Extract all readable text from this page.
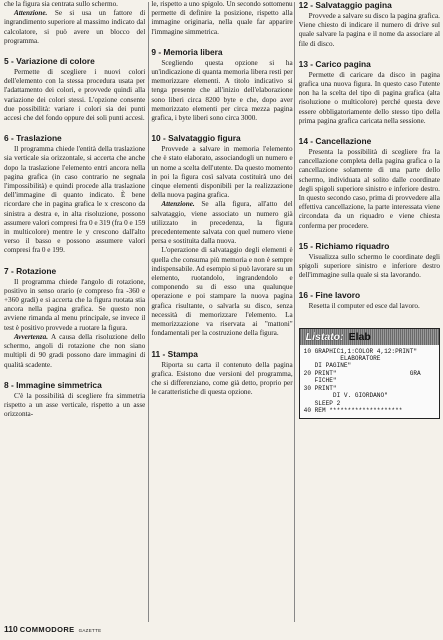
che la figura sia centrata sullo schermo.

Attenzione. Se si usa un fattore di ingrandimento superiore al massimo indicato dal calcolatore, si può avere un blocco del programma.

5 - Variazione di colore

Permette di scegliere i nuovi colori dell'elemento con la stessa procedura usata per l'adattamento dei colori, e provvede quindi alla variazione dei colori stessi. L'opzione consente due possibilità: variare i colori sia dei punti accesi che del fondo oppure dei soli punti accesi.

6 - Traslazione

Il programma chiede l'entità della traslazione sia verticale sia orizzontale, si accerta che anche dopo la traslazione l'elemento entri ancora nella pagina grafica (in caso contrario ne segnala l'impossibilità) e quindi procede alla traslazione dell'immagine di quanto indicato. È bene ricordare che in pagina grafica le x crescono da sinistra a destra e, in alta risoluzione, possono assumere valori compresi fra 0 e 319 (fra 0 e 159 in multicolore) mentre le y crescono dall'alto verso il basso e possono assumere valori compresi fra 0 e 199.

7 - Rotazione

Il programma chiede l'angolo di rotazione, positivo in senso orario (e compreso fra -360 e +360 gradi) e si accerta che la figura ruotata stia ancora nella pagina grafica. Se questo non avviene rimanda al menu principale, se invece il test è positivo provvede a ruotare la figura.

Avvertenza. A causa della risoluzione dello schermo, angoli di rotazione che non siano multipli di 90 gradi possono dare immagini di qualità scadente.

8 - Immagine simmetrica

C'è la possibilità di scegliere fra simmetria rispetto a un asse verticale, rispetto a un asse orizzonta-

le, rispetto a uno spigolo. Un secondo sottomenu permette di definire la posizione, rispetto alla immagine originaria, nella quale far apparire l'immagine simmetrica.

9 - Memoria libera

Scegliendo questa opzione si ha un'indicazione di quanta memoria libera resti per memorizzare elementi. A titolo indicativo si tenga presente che all'inizio dell'elaborazione sono liberi circa 8200 byte e che, dopo aver memorizzato elementi per circa mezza pagina grafica, i byte liberi sono circa 3000.

10 - Salvataggio figura

Provvede a salvare in memoria l'elemento che è stato elaborato, associandogli un numero e un nome a scelta dell'utente. Da questo momento in poi la figura così salvata costituirà uno dei cinque elementi disponibili per la realizzazione della nuova pagina grafica.

Attenzione. Se alla figura, all'atto del salvataggio, viene associato un numero già utilizzato in precedenza, la figura precedentemente salvata con quel numero viene persa e sostituita dalla nuova.

L'operazione di salvataggio degli elementi è quella che consuma più memoria e non è sempre indispensabile. Ad esempio si può lavorare su un elemento, ruotandolo, ingrandendolo e componendo su di esso una qualunque operazione e poi stampare la nuova pagina grafica risultante, o salvarla su disco, senza necessità di memorizzare l'elemento. La memorizzazione va riservata ai "mattoni" fondamentali per la costruzione della figura.

11 - Stampa

Riporta su carta il contenuto della pagina grafica. Esistono due versioni del programma, che si differenziano, come già detto, proprio per le caratteristiche di questa opzione.

12 - Salvataggio pagina

Provvede a salvare su disco la pagina grafica. Viene chiesto di indicare il numero di drive sul quale salvare la pagina e il nome da associare al file di disco.

13 - Carico pagina

Permette di caricare da disco in pagina grafica una nuova figura. In questo caso l'utente non ha la scelta del tipo di pagina grafica (alta risoluzione o multicolore) perché questa deve essere obbligatoriamente dello stesso tipo della prima pagina grafica caricata nella sessione.

14 - Cancellazione

Presenta la possibilità di scegliere fra la cancellazione completa della pagina grafica o la cancellazione solamente di una parte dello schermo, individuata al solito dalle coordinate degli spigoli superiore sinistro e inferiore destro. In questo secondo caso, prima di provvedere alla effettiva cancellazione, la parte interessata viene circondata da un riquadro e viene chiesta conferma per procedere.

15 - Richiamo riquadro

Visualizza sullo schermo le coordinate degli spigoli superiore sinistro e inferiore destro dell'immagine sulla quale si sta lavorando.

16 - Fine lavoro

Resetta il computer ed esce dal lavoro.

Listato: Elab
10 GRAPHIC1,1:COLOR 4,12:PRINT"
ELABORATORE
DI PAGINE"
20 PRINT"                    GRA
FICHE"
30 PRINT"
DI V. GIORDANO"
SLEEP 2
40 REM ********************
110 COMMODORE GAZETTE
